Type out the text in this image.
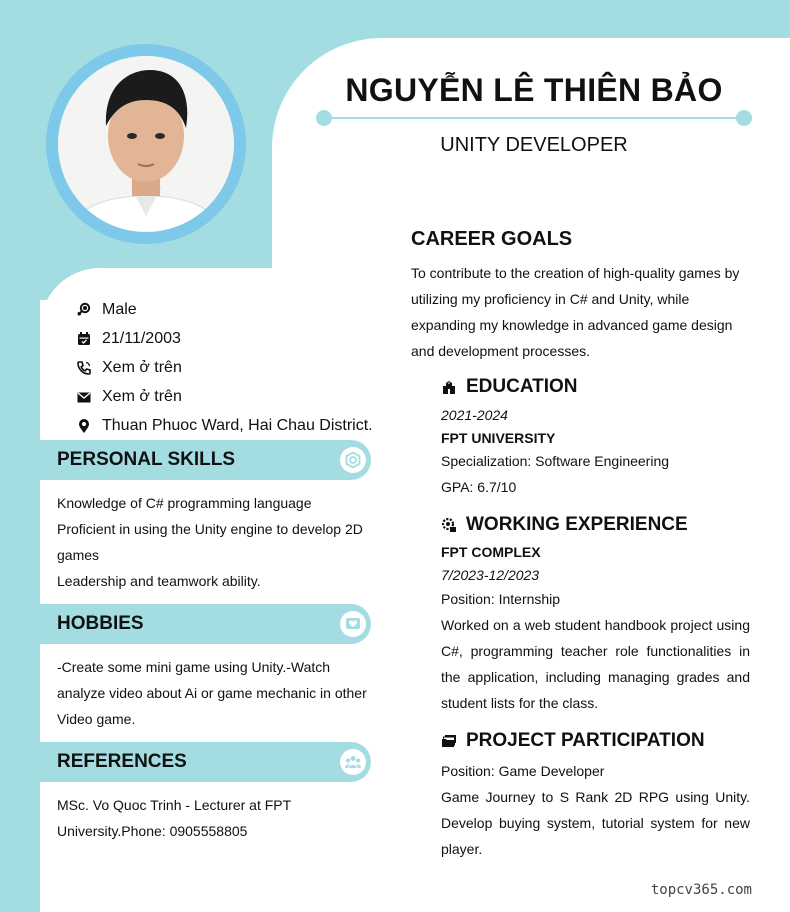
NGUYỄN LÊ THIÊN BẢO
UNITY DEVELOPER
Male
21/11/2003
Xem ở trên
Xem ở trên
Thuan Phuoc Ward, Hai Chau District.
PERSONAL SKILLS
Knowledge of C# programming language
Proficient in using the Unity engine to develop 2D games
Leadership and teamwork ability.
HOBBIES
-Create some mini game using Unity.-Watch analyze video about Ai or game mechanic in other Video game.
REFERENCES
MSc. Vo Quoc Trinh - Lecturer at FPT University.Phone: 0905558805
CAREER GOALS
To contribute to the creation of high-quality games by utilizing my proficiency in C# and Unity, while expanding my knowledge in advanced game design and development processes.
EDUCATION
2021-2024
FPT UNIVERSITY
Specialization: Software Engineering
GPA: 6.7/10
WORKING EXPERIENCE
FPT COMPLEX
7/2023-12/2023
Position: Internship
Worked on a web student handbook project using C#, programming teacher role functionalities in the application, including managing grades and student lists for the class.
PROJECT PARTICIPATION
Position: Game Developer
Game Journey to S Rank 2D RPG using Unity. Develop buying system, tutorial system for new player.
topcv365.com
